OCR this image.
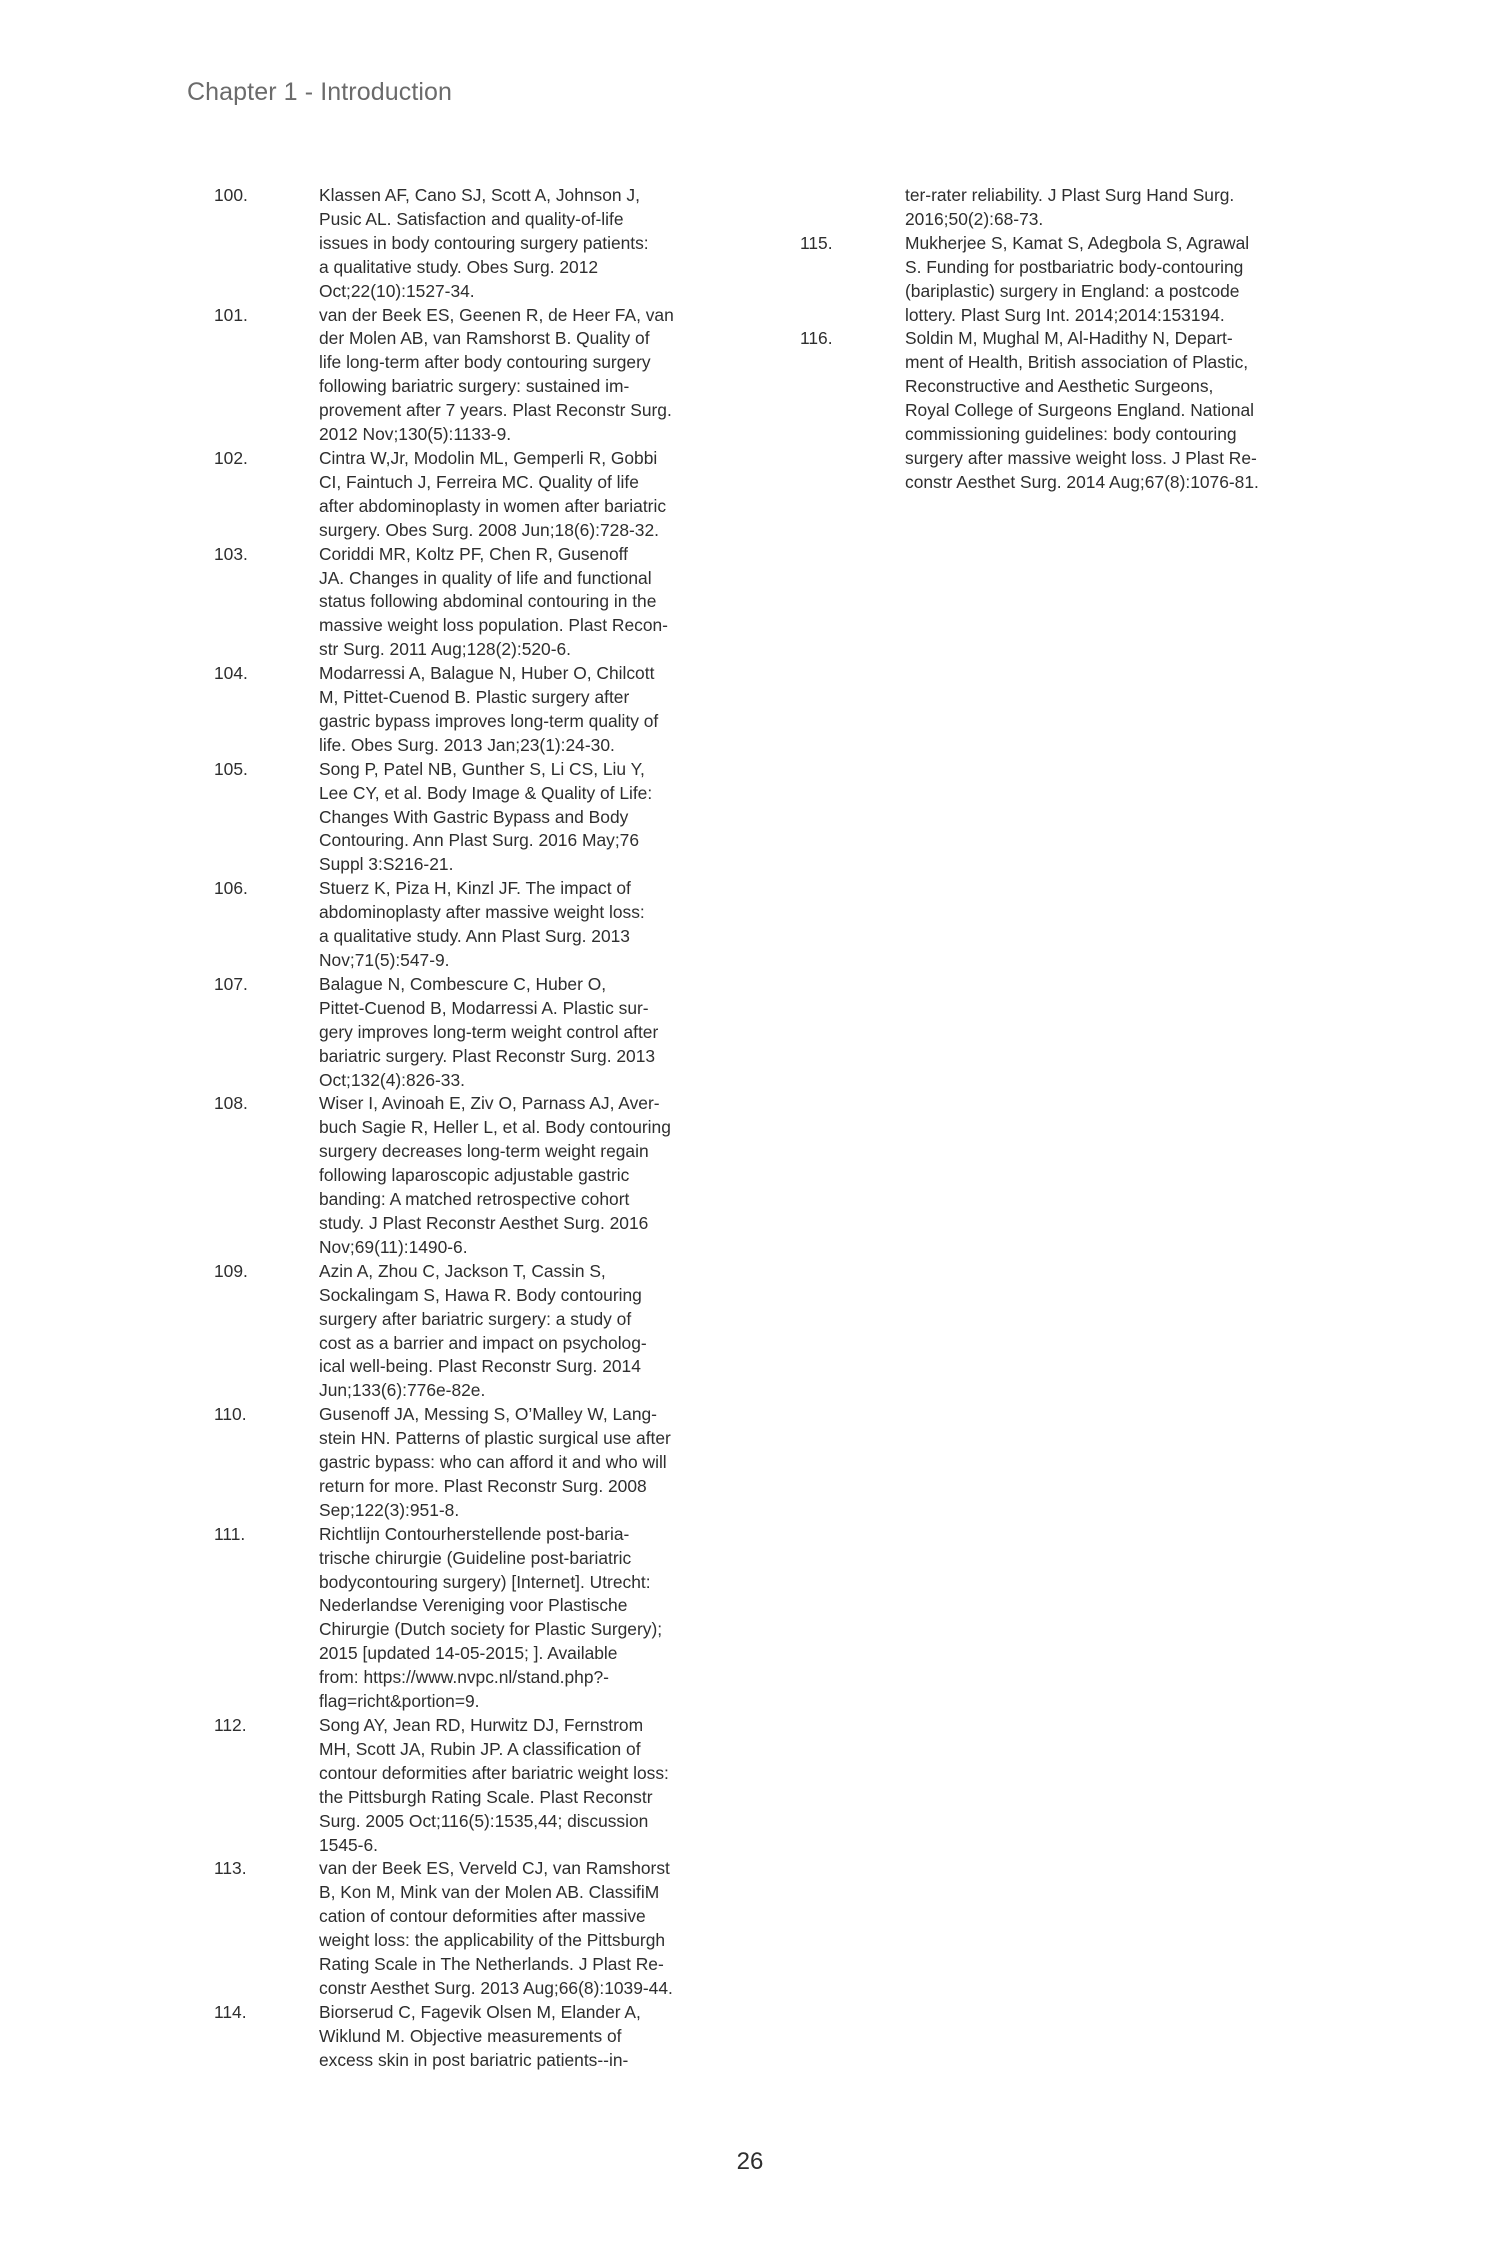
Chapter 1 - Introduction
100.	Klassen AF, Cano SJ, Scott A, Johnson J,
Pusic AL. Satisfaction and quality-of-life
issues in body contouring surgery patients:
a qualitative study. Obes Surg. 2012
Oct;22(10):1527-34.
101.	van der Beek ES, Geenen R, de Heer FA, van
der Molen AB, van Ramshorst B. Quality of
life long-term after body contouring surgery
following bariatric surgery: sustained im-
provement after 7 years. Plast Reconstr Surg.
2012 Nov;130(5):1133-9.
102.	Cintra W,Jr, Modolin ML, Gemperli R, Gobbi
CI, Faintuch J, Ferreira MC. Quality of life
after abdominoplasty in women after bariatric
surgery. Obes Surg. 2008 Jun;18(6):728-32.
103.	Coriddi MR, Koltz PF, Chen R, Gusenoff
JA. Changes in quality of life and functional
status following abdominal contouring in the
massive weight loss population. Plast Recon-
str Surg. 2011 Aug;128(2):520-6.
104.	Modarressi A, Balague N, Huber O, Chilcott
M, Pittet-Cuenod B. Plastic surgery after
gastric bypass improves long-term quality of
life. Obes Surg. 2013 Jan;23(1):24-30.
105.	Song P, Patel NB, Gunther S, Li CS, Liu Y,
Lee CY, et al. Body Image & Quality of Life:
Changes With Gastric Bypass and Body
Contouring. Ann Plast Surg. 2016 May;76
Suppl 3:S216-21.
106.	Stuerz K, Piza H, Kinzl JF. The impact of
abdominoplasty after massive weight loss:
a qualitative study. Ann Plast Surg. 2013
Nov;71(5):547-9.
107.	Balague N, Combescure C, Huber O,
Pittet-Cuenod B, Modarressi A. Plastic sur-
gery improves long-term weight control after
bariatric surgery. Plast Reconstr Surg. 2013
Oct;132(4):826-33.
108.	Wiser I, Avinoah E, Ziv O, Parnass AJ, Aver-
buch Sagie R, Heller L, et al. Body contouring
surgery decreases long-term weight regain
following laparoscopic adjustable gastric
banding: A matched retrospective cohort
study. J Plast Reconstr Aesthet Surg. 2016
Nov;69(11):1490-6.
109.	Azin A, Zhou C, Jackson T, Cassin S,
Sockalingam S, Hawa R. Body contouring
surgery after bariatric surgery: a study of
cost as a barrier and impact on psycholog-
ical well-being. Plast Reconstr Surg. 2014
Jun;133(6):776e-82e.
110.	Gusenoff JA, Messing S, O’Malley W, Lang-
stein HN. Patterns of plastic surgical use after
gastric bypass: who can afford it and who will
return for more. Plast Reconstr Surg. 2008
Sep;122(3):951-8.
111.	Richtlijn Contourherstellende post-baria-
trische chirurgie (Guideline post-bariatric
bodycontouring surgery) [Internet]. Utrecht:
Nederlandse Vereniging voor Plastische
Chirurgie (Dutch society for Plastic Surgery);
2015 [updated 14-05-2015; ]. Available
from: https://www.nvpc.nl/stand.php?-
flag=richt&portion=9.
112.	Song AY, Jean RD, Hurwitz DJ, Fernstrom
MH, Scott JA, Rubin JP. A classification of
contour deformities after bariatric weight loss:
the Pittsburgh Rating Scale. Plast Reconstr
Surg. 2005 Oct;116(5):1535,44; discussion
1545-6.
113.	van der Beek ES, Verveld CJ, van Ramshorst
B, Kon M, Mink van der Molen AB. ClassifiM
cation of contour deformities after massive
weight loss: the applicability of the Pittsburgh
Rating Scale in The Netherlands. J Plast Re-
constr Aesthet Surg. 2013 Aug;66(8):1039-44.
114.	Biorserud C, Fagevik Olsen M, Elander A,
Wiklund M. Objective measurements of
excess skin in post bariatric patients--in-
ter-rater reliability. J Plast Surg Hand Surg.
2016;50(2):68-73.
115.	Mukherjee S, Kamat S, Adegbola S, Agrawal
S. Funding for postbariatric body-contouring
(bariplastic) surgery in England: a postcode
lottery. Plast Surg Int. 2014;2014:153194.
116.	Soldin M, Mughal M, Al-Hadithy N, Depart-
ment of Health, British association of Plastic,
Reconstructive and Aesthetic Surgeons,
Royal College of Surgeons England. National
commissioning guidelines: body contouring
surgery after massive weight loss. J Plast Re-
constr Aesthet Surg. 2014 Aug;67(8):1076-81.
26
